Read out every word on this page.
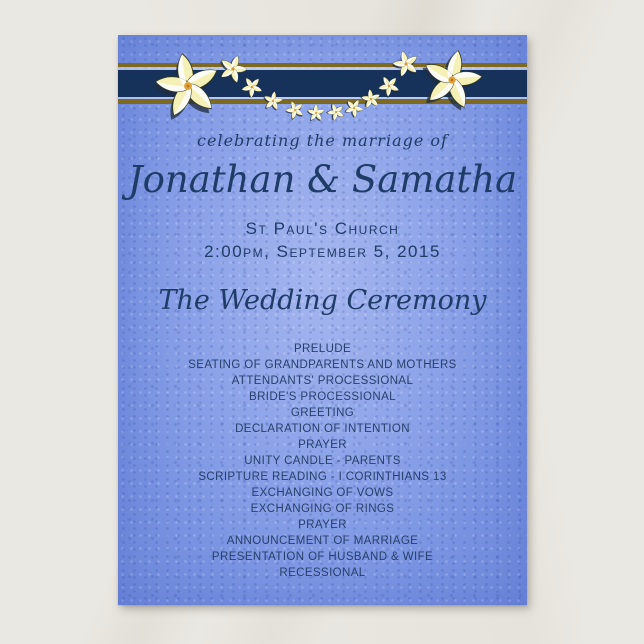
celebrating the marriage of
Jonathan & Samatha
St Paul's Church
2:00pm, September 5, 2015
The Wedding Ceremony
PRELUDE
SEATING OF GRANDPARENTS AND MOTHERS
ATTENDANTS' PROCESSIONAL
BRIDE'S PROCESSIONAL
GREETING
DECLARATION OF INTENTION
PRAYER
UNITY CANDLE - PARENTS
SCRIPTURE READING - I CORINTHIANS 13
EXCHANGING OF VOWS
EXCHANGING OF RINGS
PRAYER
ANNOUNCEMENT OF MARRIAGE
PRESENTATION OF HUSBAND & WIFE
RECESSIONAL
